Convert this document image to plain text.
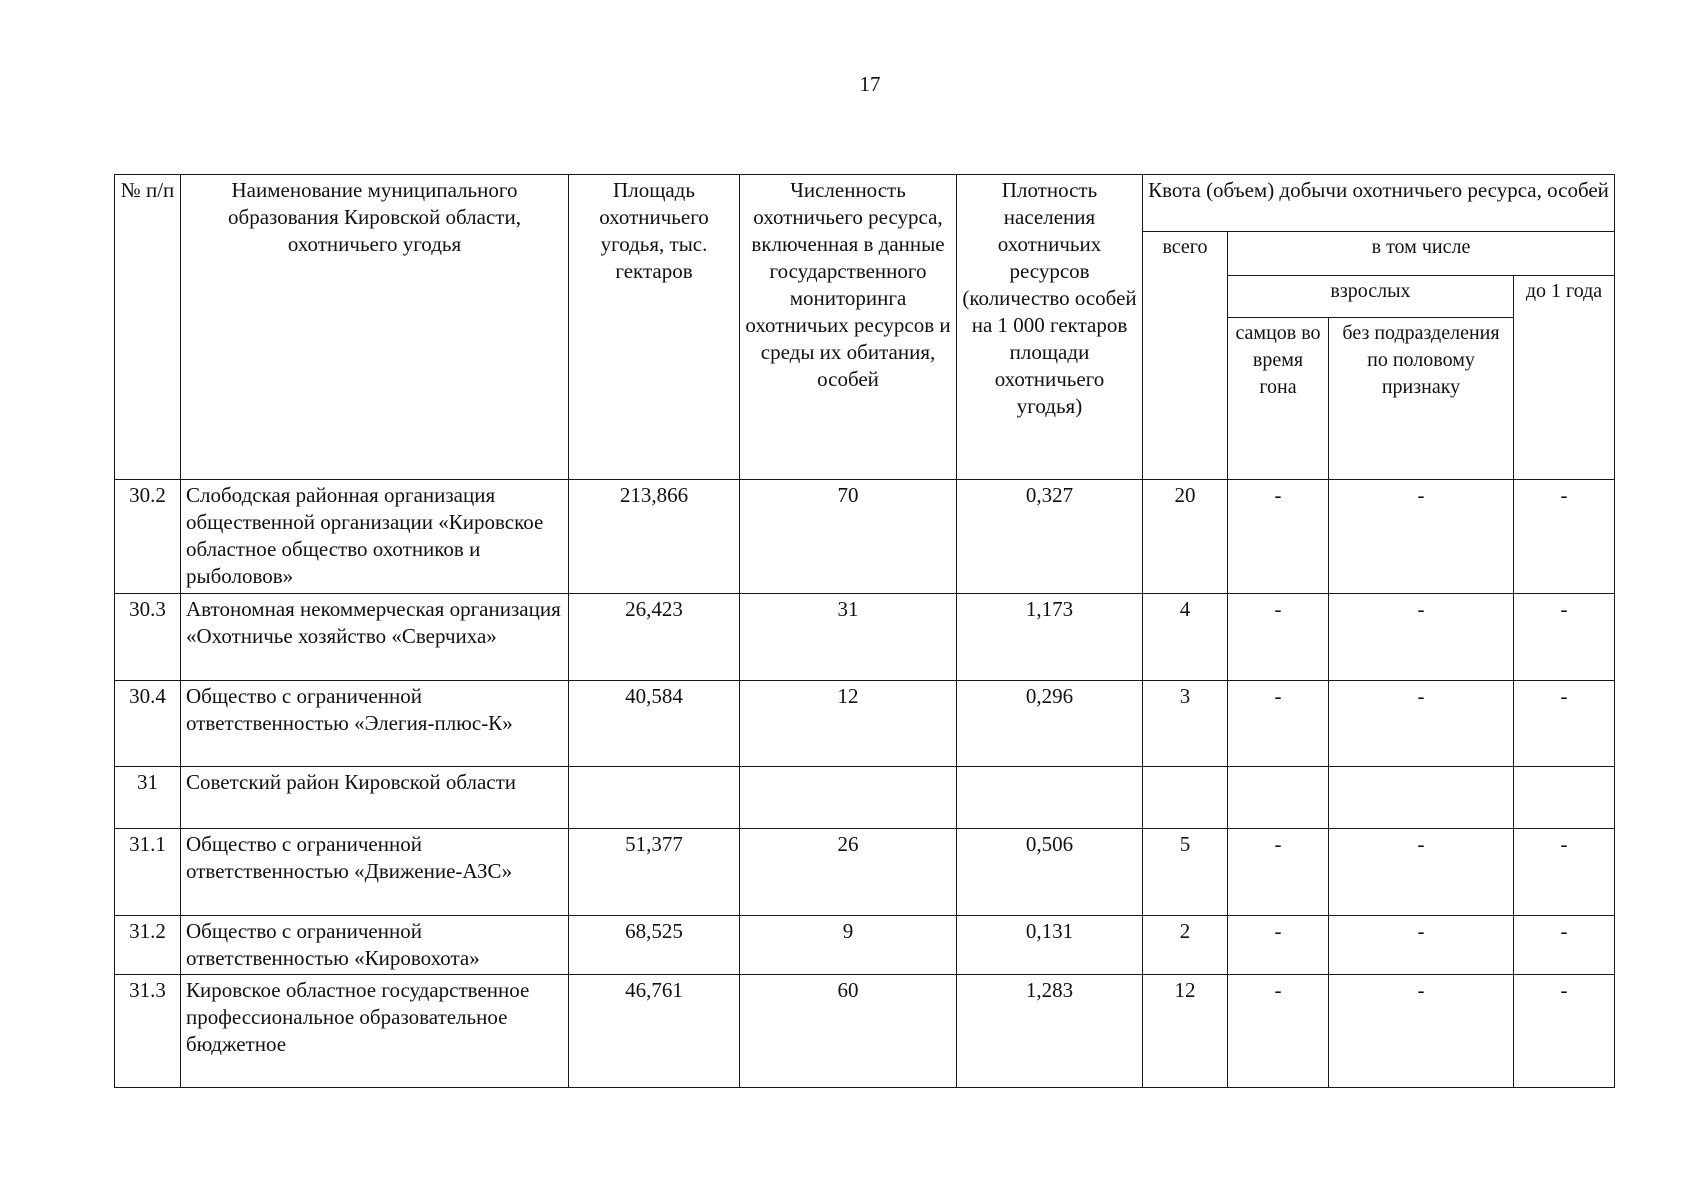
17
№ п/п	Наименование муниципального образования Кировской области, охотничьего угодья	Площадь охотничьего угодья, тыс. гектаров	Численность охотничьего ресурса, включенная в данные государственного мониторинга охотничьих ресурсов и среды их обитания, особей	Плотность населения охотничьих ресурсов (количество особей на 1 000 гектаров площади охотничьего угодья)	Квота (объем) добычи охотничьего ресурса, особей			
					всего	в том числе		
						взрослых		до 1 года
						самцов во время гона	без подразделения по половому признаку	
30.2	Слободская районная организация общественной организации «Кировское областное общество охотников и рыболовов»	213,866	70	0,327	20	-	-	-
30.3	Автономная некоммерческая организация «Охотничье хозяйство «Сверчиха»	26,423	31	1,173	4	-	-	-
30.4	Общество с ограниченной ответственностью «Элегия-плюс-К»	40,584	12	0,296	3	-	-	-
31	Советский район Кировской области							
31.1	Общество с ограниченной ответственностью «Движение-АЗС»	51,377	26	0,506	5	-	-	-
31.2	Общество с ограниченной ответственностью «Кировохота»	68,525	9	0,131	2	-	-	-
31.3	Кировское областное государственное профессиональное образовательное бюджетное	46,761	60	1,283	12	-	-	-
